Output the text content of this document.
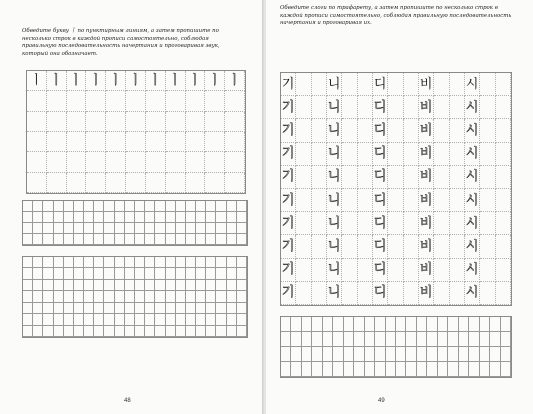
Обведите букву ㅣ по пунктирным линиям, а затем пропишите по несколько строк в каждой прописи самостоятельно, соблюдая правильную последовательность начертания и проговаривая звук, который она обозначает.
ㅣ ㅣ ㅣ ㅣ ㅣ ㅣ ㅣ ㅣ ㅣ ㅣ ㅣ
48
Обведите слоги по трафарету, а затем пропишите по несколько строк в каждой прописи самостоятельно, соблюдая правильную последовательность начертания и проговаривая их.
기	니	디	비	시
기	니	디	비	시
기	니	디	비	시
기	니	디	비	시
기	니	디	비	시
기	니	디	비	시
기	니	디	비	시
기	니	디	비	시
기	니	디	비	시
기	니	디	비	시
49
